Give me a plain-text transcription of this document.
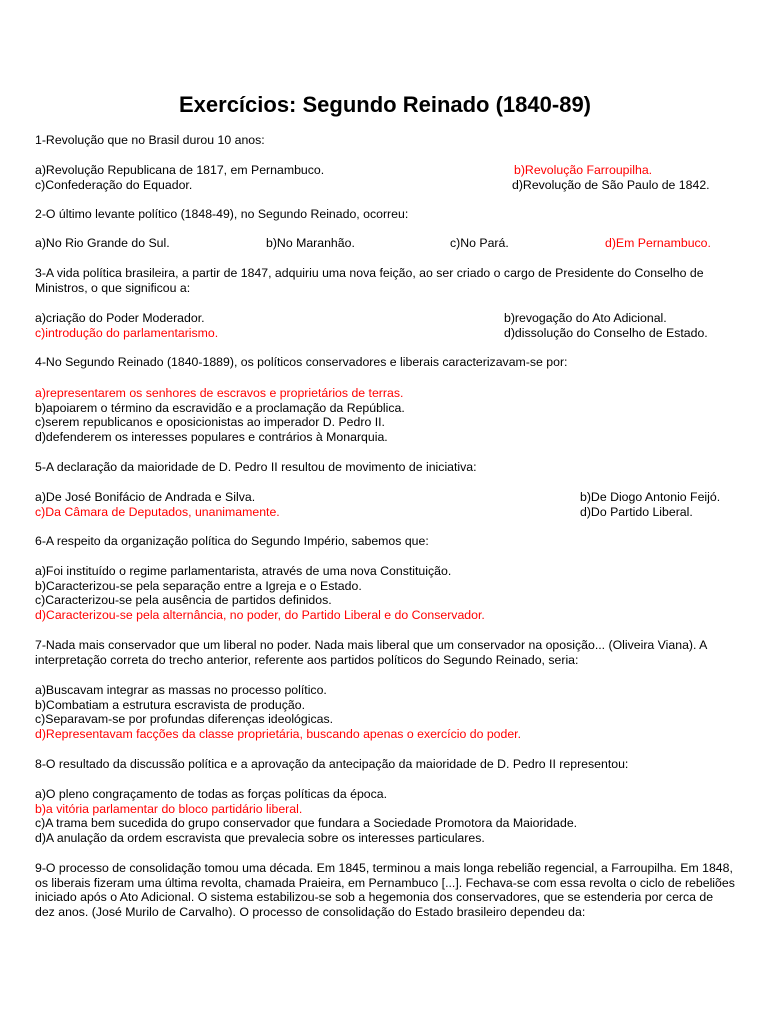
Exercícios: Segundo Reinado (1840-89)

1-Revolução que no Brasil durou 10 anos:

a)Revolução Republicana de 1817, em Pernambuco.	b)Revolução Farroupilha.
c)Confederação do Equador.	d)Revolução de São Paulo de 1842.

2-O último levante político (1848-49), no Segundo Reinado, ocorreu:

a)No Rio Grande do Sul.	b)No Maranhão.	c)No Pará.	d)Em Pernambuco.

3-A vida política brasileira, a partir de 1847, adquiriu uma nova feição, ao ser criado o cargo de Presidente do Conselho de Ministros, o que significou a:

a)criação do Poder Moderador.	b)revogação do Ato Adicional.
c)introdução do parlamentarismo.	d)dissolução do Conselho de Estado.

4-No Segundo Reinado (1840-1889), os políticos conservadores e liberais caracterizavam-se por:

a)representarem os senhores de escravos e proprietários de terras.
b)apoiarem o término da escravidão e a proclamação da República.
c)serem republicanos e oposicionistas ao imperador D. Pedro II.
d)defenderem os interesses populares e contrários à Monarquia.

5-A declaração da maioridade de D. Pedro II resultou de movimento de iniciativa:

a)De José Bonifácio de Andrada e Silva.	b)De Diogo Antonio Feijó.
c)Da Câmara de Deputados, unanimamente.	d)Do Partido Liberal.

6-A respeito da organização política do Segundo Império, sabemos que:

a)Foi instituído o regime parlamentarista, através de uma nova Constituição.
b)Caracterizou-se pela separação entre a Igreja e o Estado.
c)Caracterizou-se pela ausência de partidos definidos.
d)Caracterizou-se pela alternância, no poder, do Partido Liberal e do Conservador.

7-Nada mais conservador que um liberal no poder. Nada mais liberal que um conservador na oposição... (Oliveira Viana). A interpretação correta do trecho anterior, referente aos partidos políticos do Segundo Reinado, seria:

a)Buscavam integrar as massas no processo político.
b)Combatiam a estrutura escravista de produção.
c)Separavam-se por profundas diferenças ideológicas.
d)Representavam facções da classe proprietária, buscando apenas o exercício do poder.

8-O resultado da discussão política e a aprovação da antecipação da maioridade de D. Pedro II representou:

a)O pleno congraçamento de todas as forças políticas da época.
b)a vitória parlamentar do bloco partidário liberal.
c)A trama bem sucedida do grupo conservador que fundara a Sociedade Promotora da Maioridade.
d)A anulação da ordem escravista que prevalecia sobre os interesses particulares.

9-O processo de consolidação tomou uma década. Em 1845, terminou a mais longa rebelião regencial, a Farroupilha. Em 1848, os liberais fizeram uma última revolta, chamada Praieira, em Pernambuco [...]. Fechava-se com essa revolta o ciclo de rebeliões iniciado após o Ato Adicional. O sistema estabilizou-se sob a hegemonia dos conservadores, que se estenderia por cerca de dez anos. (José Murilo de Carvalho). O processo de consolidação do Estado brasileiro dependeu da:
